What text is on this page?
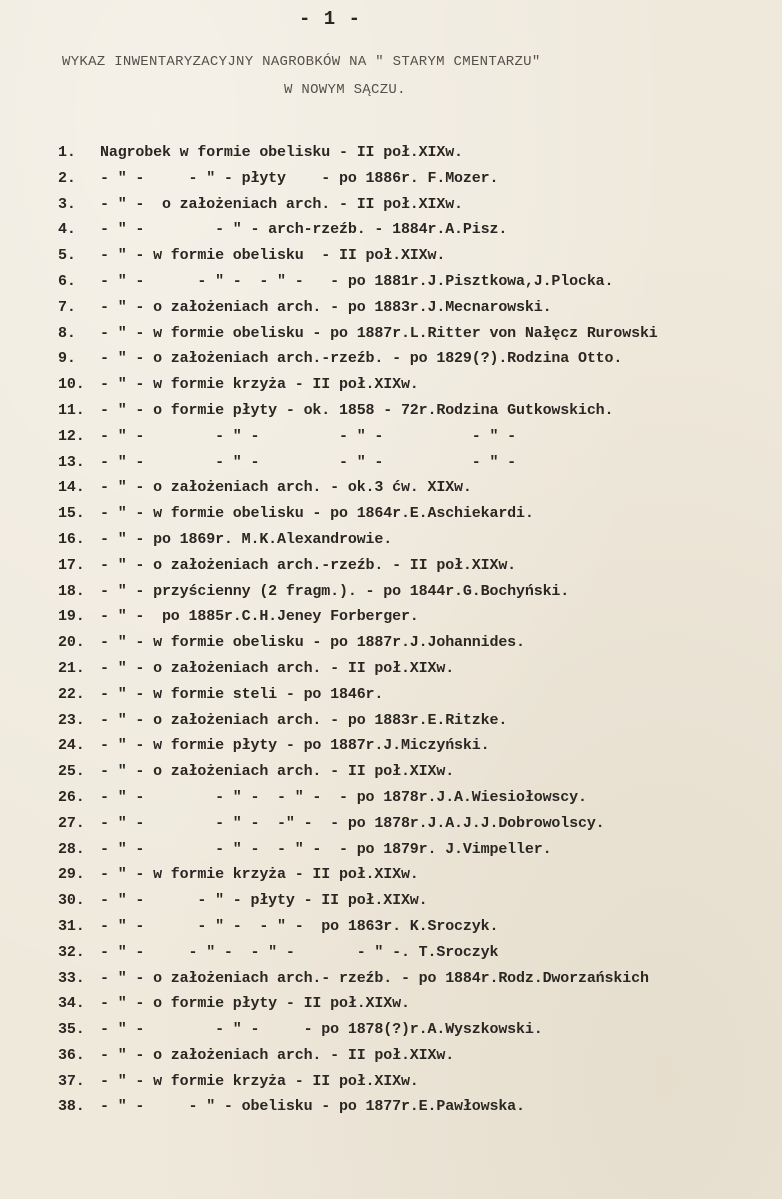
- 1 -
WYKAZ INWENTARYZACYJNY NAGROBKÓW NA " STARYM CMENTARZU"
W NOWYM SĄCZU.
1.	Nagrobek w formie obelisku - II poł.XIXw.
2.	- " -     - " - płyty    - po 1886r. F.Mozer.
3.	- " -  o założeniach arch. - II poł.XIXw.
4.	- " -        - " - arch-rzeźb. - 1884r.A.Pisz.
5.	- " - w formie obelisku  - II poł.XIXw.
6.	- " -      - " -  - " -   - po 1881r.J.Pisztkowa,J.Plocka.
7.	- " - o założeniach arch. - po 1883r.J.Mecnarowski.
8.	- " - w formie obelisku - po 1887r.L.Ritter von Nałęcz Rurowski
9.	- " - o założeniach arch.-rzeźb. - po 1829(?).Rodzina Otto.
10.	- " - w formie krzyża - II poł.XIXw.
11.	- " - o formie płyty - ok. 1858 - 72r.Rodzina Gutkowskich.
12.	- " -        - " -         - " -          - " -
13.	- " -        - " -         - " -          - " -
14.	- " - o założeniach arch. - ok.3 ćw. XIXw.
15.	- " - w formie obelisku - po 1864r.E.Aschiekardi.
16.	- " - po 1869r. M.K.Alexandrowie.
17.	- " - o założeniach arch.-rzeźb. - II poł.XIXw.
18.	- " - przyścienny (2 fragm.). - po 1844r.G.Bochyński.
19.	- " -  po 1885r.C.H.Jeney Forberger.
20.	- " - w formie obelisku - po 1887r.J.Johannides.
21.	- " - o założeniach arch. - II poł.XIXw.
22.	- " - w formie steli - po 1846r.
23.	- " - o założeniach arch. - po 1883r.E.Ritzke.
24.	- " - w formie płyty - po 1887r.J.Miczyński.
25.	- " - o założeniach arch. - II poł.XIXw.
26.	- " -        - " -  - " -  - po 1878r.J.A.Wiesiołowscy.
27.	- " -        - " -  -" -  - po 1878r.J.A.J.J.Dobrowolscy.
28.	- " -        - " -  - " -  - po 1879r. J.Vimpeller.
29.	- " - w formie krzyża - II poł.XIXw.
30.	- " -      - " - płyty - II poł.XIXw.
31.	- " -      - " -  - " -  po 1863r. K.Sroczyk.
32.	- " -     - " -  - " -       - " -. T.Sroczyk
33.	- " - o założeniach arch.- rzeźb. - po 1884r.Rodz.Dworzańskich
34.	- " - o formie płyty - II poł.XIXw.
35.	- " -        - " -     - po 1878(?)r.A.Wyszkowski.
36.	- " - o założeniach arch. - II poł.XIXw.
37.	- " - w formie krzyża - II poł.XIXw.
38.	- " -     - " - obelisku - po 1877r.E.Pawłowska.
